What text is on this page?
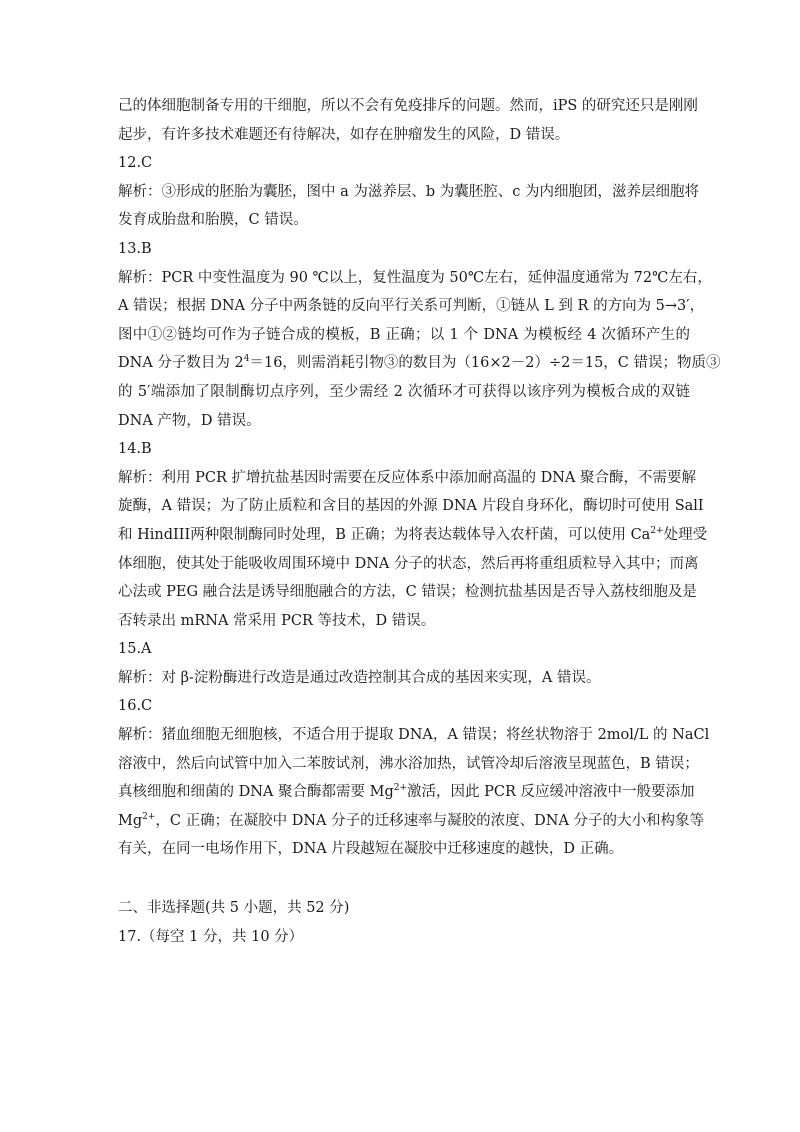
己的体细胞制备专用的干细胞，所以不会有免疫排斥的问题。然而，iPS 的研究还只是刚刚
起步，有许多技术难题还有待解决，如存在肿瘤发生的风险，D 错误。
12.C
解析：③形成的胚胎为囊胚，图中 a 为滋养层、b 为囊胚腔、c 为内细胞团，滋养层细胞将
发育成胎盘和胎膜，C 错误。
13.B
解析：PCR 中变性温度为 90 ℃以上，复性温度为 50℃左右，延伸温度通常为 72℃左右，
A 错误；根据 DNA 分子中两条链的反向平行关系可判断，①链从 L 到 R 的方向为 5→3′，
图中①②链均可作为子链合成的模板，B 正确；以 1 个 DNA 为模板经 4 次循环产生的
DNA 分子数目为 $2^4=16$，则需消耗引物③的数目为（16×2－2）÷2＝15，C 错误；物质③
的 5′端添加了限制酶切点序列，至少需经 2 次循环才可获得以该序列为模板合成的双链
DNA 产物，D 错误。
14.B
解析：利用 PCR 扩增抗盐基因时需要在反应体系中添加耐高温的 DNA 聚合酶，不需要解
旋酶，A 错误；为了防止质粒和含目的基因的外源 DNA 片段自身环化，酶切时可使用 SalI
和 HindIII两种限制酶同时处理，B 正确；为将表达载体导入农杆菌，可以使用 $Ca^{2+}$处理受
体细胞，使其处于能吸收周围环境中 DNA 分子的状态，然后再将重组质粒导入其中；而离
心法或 PEG 融合法是诱导细胞融合的方法，C 错误；检测抗盐基因是否导入荔枝细胞及是
否转录出 mRNA 常采用 PCR 等技术，D 错误。
15.A
解析：对 β-淀粉酶进行改造是通过改造控制其合成的基因来实现，A 错误。
16.C
解析：猪血细胞无细胞核，不适合用于提取 DNA，A 错误；将丝状物溶于 2mol/L 的 NaCl
溶液中，然后向试管中加入二苯胺试剂，沸水浴加热，试管冷却后溶液呈现蓝色，B 错误；
真核细胞和细菌的 DNA 聚合酶都需要 $Mg^{2+}$激活，因此 PCR 反应缓冲溶液中一般要添加
$Mg^{2+}$，C 正确；在凝胶中 DNA 分子的迁移速率与凝胶的浓度、DNA 分子的大小和构象等
有关，在同一电场作用下，DNA 片段越短在凝胶中迁移速度的越快，D 正确。
二、非选择题(共 5 小题，共 52 分)
17.（每空 1 分，共 10 分）
